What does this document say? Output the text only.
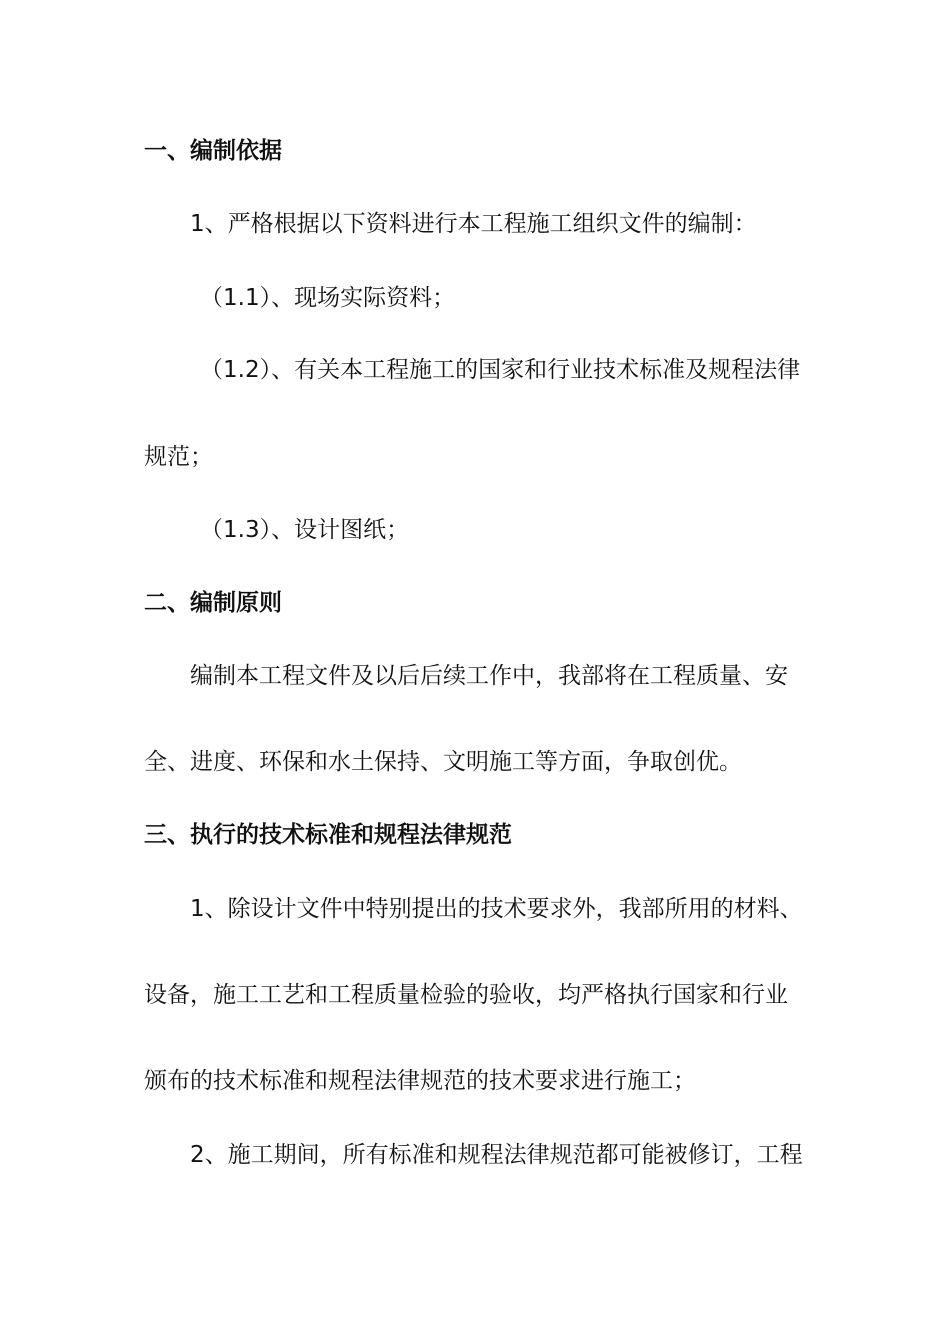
一、编制依据
1、严格根据以下资料进行本工程施工组织文件的编制：
（1.1）、现场实际资料；
（1.2）、有关本工程施工的国家和行业技术标准及规程法律
规范；
（1.3）、设计图纸；
二、编制原则
编制本工程文件及以后后续工作中，我部将在工程质量、安
全、进度、环保和水土保持、文明施工等方面，争取创优。
三、执行的技术标准和规程法律规范
1、除设计文件中特别提出的技术要求外，我部所用的材料、
设备，施工工艺和工程质量检验的验收，均严格执行国家和行业
颁布的技术标准和规程法律规范的技术要求进行施工；
2、施工期间，所有标准和规程法律规范都可能被修订，工程
